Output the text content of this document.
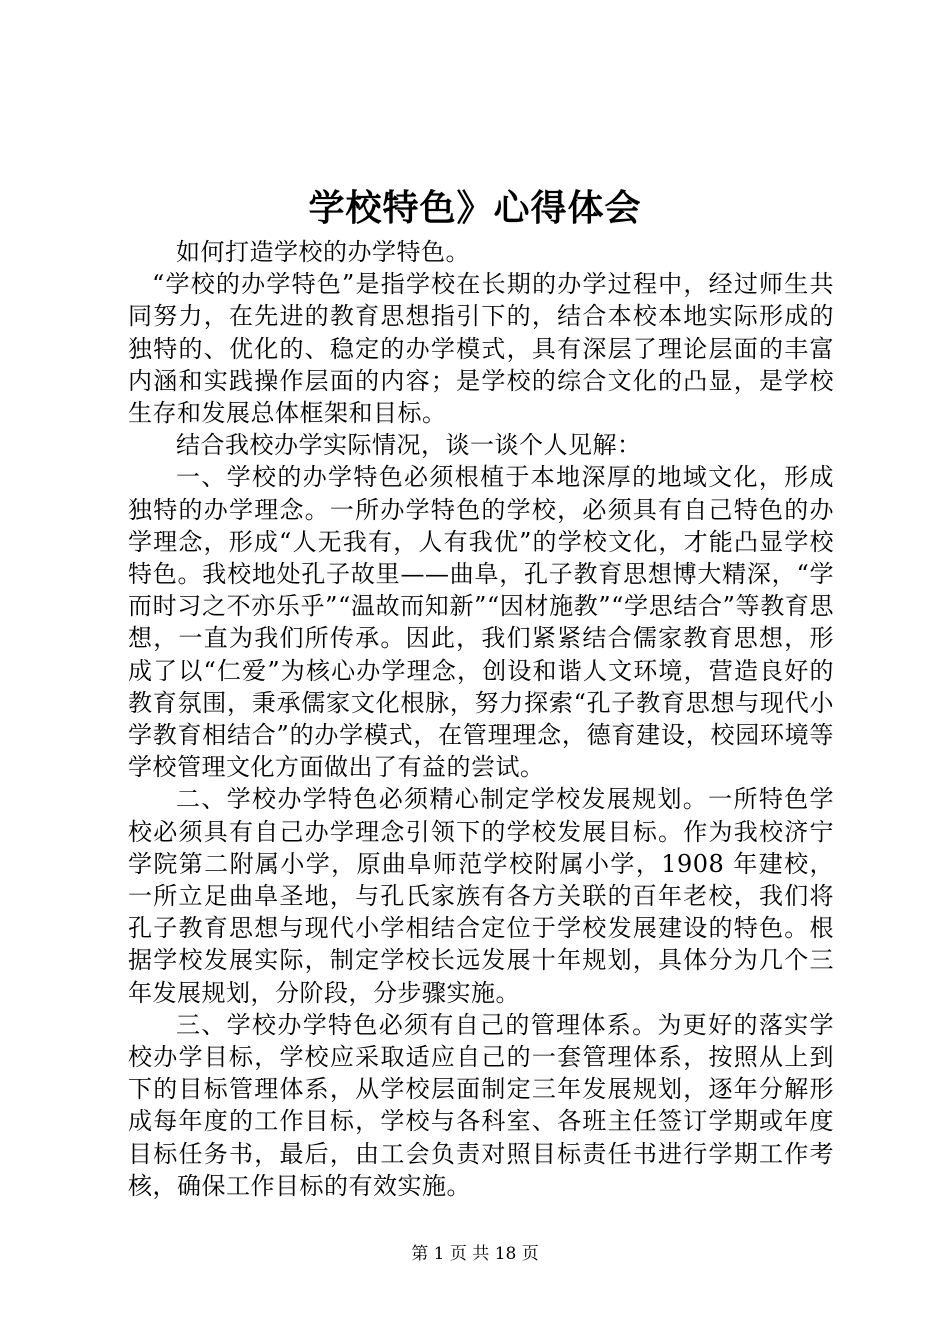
学校特色》心得体会

如何打造学校的办学特色。

“学校的办学特色”是指学校在长期的办学过程中，经过师生共同努力，在先进的教育思想指引下的，结合本校本地实际形成的独特的、优化的、稳定的办学模式，具有深层了理论层面的丰富内涵和实践操作层面的内容；是学校的综合文化的凸显，是学校生存和发展总体框架和目标。

结合我校办学实际情况，谈一谈个人见解：

一、学校的办学特色必须根植于本地深厚的地域文化，形成独特的办学理念。一所办学特色的学校，必须具有自己特色的办学理念，形成“人无我有，人有我优”的学校文化，才能凸显学校特色。我校地处孔子故里——曲阜，孔子教育思想博大精深，“学而时习之不亦乐乎”“温故而知新”“因材施教”“学思结合”等教育思想，一直为我们所传承。因此，我们紧紧结合儒家教育思想，形成了以“仁爱”为核心办学理念，创设和谐人文环境，营造良好的教育氛围，秉承儒家文化根脉，努力探索“孔子教育思想与现代小学教育相结合”的办学模式，在管理理念，德育建设，校园环境等学校管理文化方面做出了有益的尝试。

二、学校办学特色必须精心制定学校发展规划。一所特色学校必须具有自己办学理念引领下的学校发展目标。作为我校济宁学院第二附属小学，原曲阜师范学校附属小学，1908 年建校，一所立足曲阜圣地，与孔氏家族有各方关联的百年老校，我们将孔子教育思想与现代小学相结合定位于学校发展建设的特色。根据学校发展实际，制定学校长远发展十年规划，具体分为几个三年发展规划，分阶段，分步骤实施。

三、学校办学特色必须有自己的管理体系。为更好的落实学校办学目标，学校应采取适应自己的一套管理体系，按照从上到下的目标管理体系，从学校层面制定三年发展规划，逐年分解形成每年度的工作目标，学校与各科室、各班主任签订学期或年度目标任务书，最后，由工会负责对照目标责任书进行学期工作考核，确保工作目标的有效实施。

第 1 页 共 18 页
